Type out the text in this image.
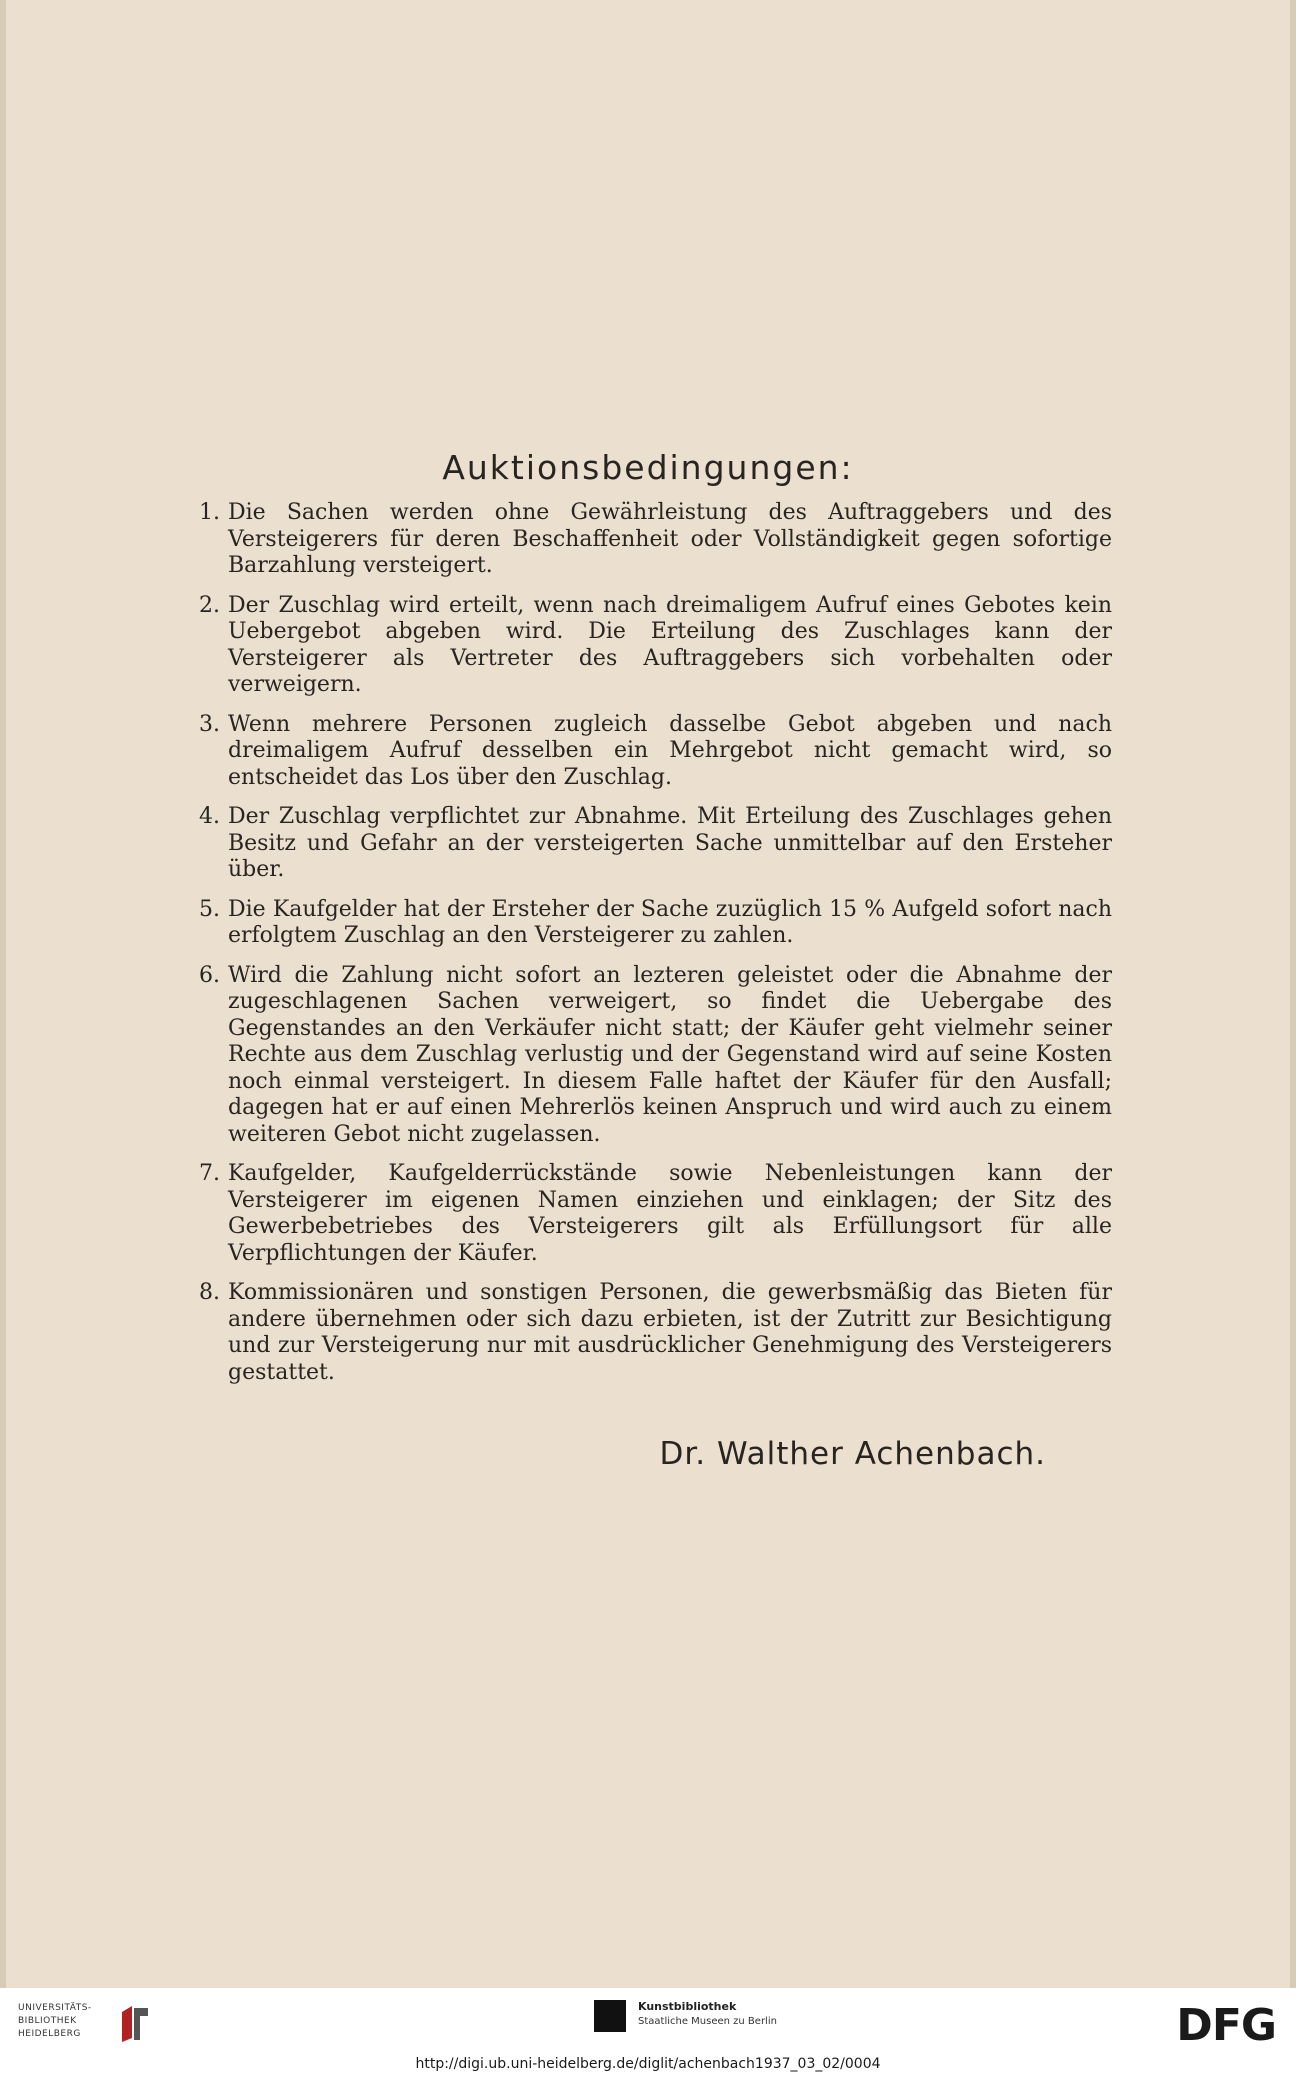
Auktionsbedingungen:
1. Die Sachen werden ohne Gewährleistung des Auftraggebers und des Versteigerers für deren Beschaffenheit oder Vollständigkeit gegen sofortige Barzahlung versteigert.
2. Der Zuschlag wird erteilt, wenn nach dreimaligem Aufruf eines Gebotes kein Uebergebot abgeben wird. Die Erteilung des Zuschlages kann der Versteigerer als Vertreter des Auftraggebers sich vorbehalten oder verweigern.
3. Wenn mehrere Personen zugleich dasselbe Gebot abgeben und nach dreimaligem Aufruf desselben ein Mehrgebot nicht gemacht wird, so entscheidet das Los über den Zuschlag.
4. Der Zuschlag verpflichtet zur Abnahme. Mit Erteilung des Zuschlages gehen Besitz und Gefahr an der versteigerten Sache unmittelbar auf den Ersteher über.
5. Die Kaufgelder hat der Ersteher der Sache zuzüglich 15 % Aufgeld sofort nach erfolgtem Zuschlag an den Versteigerer zu zahlen.
6. Wird die Zahlung nicht sofort an lezteren geleistet oder die Abnahme der zugeschlagenen Sachen verweigert, so findet die Uebergabe des Gegenstandes an den Verkäufer nicht statt; der Käufer geht vielmehr seiner Rechte aus dem Zuschlag verlustig und der Gegenstand wird auf seine Kosten noch einmal versteigert. In diesem Falle haftet der Käufer für den Ausfall; dagegen hat er auf einen Mehrerlös keinen Anspruch und wird auch zu einem weiteren Gebot nicht zugelassen.
7. Kaufgelder, Kaufgelderrückstände sowie Nebenleistungen kann der Versteigerer im eigenen Namen einziehen und einklagen; der Sitz des Gewerbebetriebes des Versteigerers gilt als Erfüllungsort für alle Verpflichtungen der Käufer.
8. Kommissionären und sonstigen Personen, die gewerbsmäßig das Bieten für andere übernehmen oder sich dazu erbieten, ist der Zutritt zur Besichtigung und zur Versteigerung nur mit ausdrücklicher Genehmigung des Versteigerers gestattet.
Dr. Walther Achenbach.
UNIVERSITÄTS-
BIBLIOTHEK
HEIDELBERG
Kunstbibliothek
Staatliche Museen zu Berlin	DFG
http://digi.ub.uni-heidelberg.de/diglit/achenbach1937_03_02/0004
